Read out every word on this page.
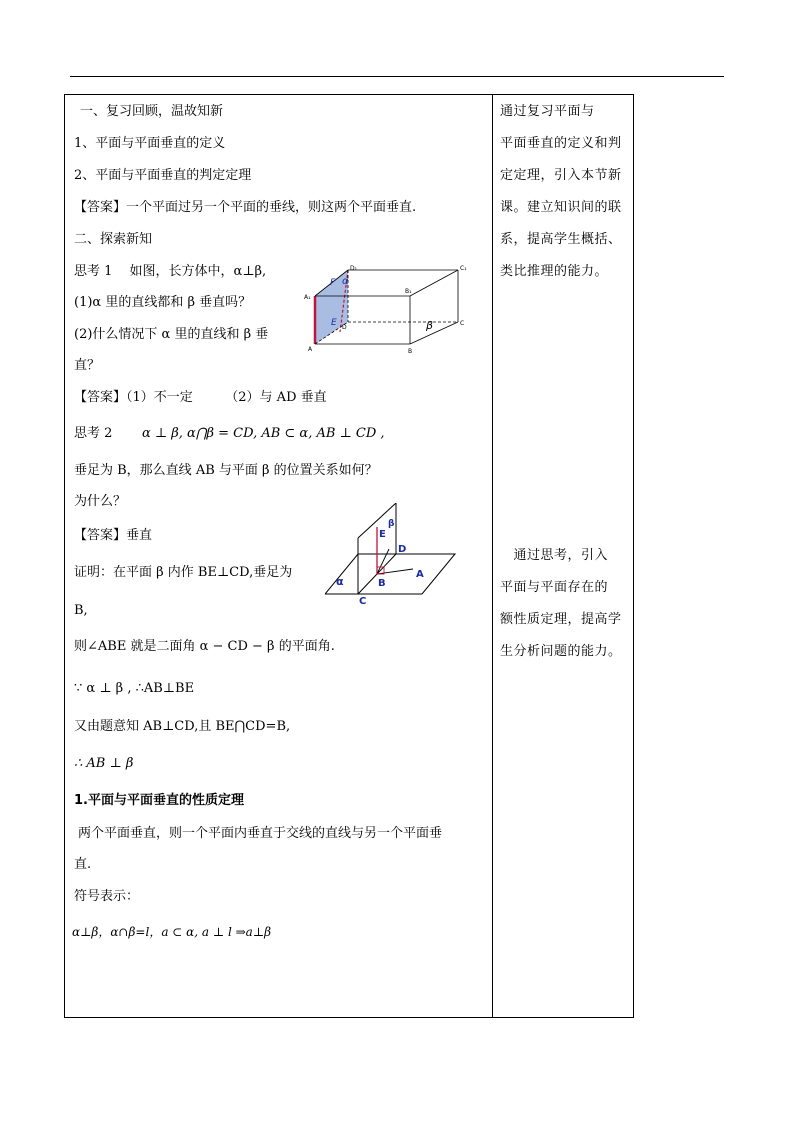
一、复习回顾，温故知新
1、平面与平面垂直的定义
2、平面与平面垂直的判定定理
【答案】一个平面过另一个平面的垂线，则这两个平面垂直.
二、探索新知
思考 1　 如图，长方体中，α⊥β,
(1)α 里的直线都和 β 垂直吗？
(2)什么情况下 α 里的直线和 β 垂
直？
【答案】（1）不一定　　　（2）与 AD 垂直
思考 2 α ⊥ β, α⋂β = CD, AB ⊂ α, AB ⊥ CD ,
垂足为 B，那么直线 AB 与平面 β 的位置关系如何？
为什么？
【答案】垂直
证明：在平面 β 内作 BE⊥CD,垂足为
B,
则∠ABE 就是二面角 α − CD − β 的平面角.
∵ α ⊥ β , ∴AB⊥BE
又由题意知 AB⊥CD,且 BE⋂CD=B,
∴ AB ⊥ β
1.平面与平面垂直的性质定理
两个平面垂直，则一个平面内垂直于交线的直线与另一个平面垂
直.
符号表示：
α⊥β，α∩β=l，a ⊂ α, a ⊥ l ⇒a⊥β
D₁	C₁
A₁
B₁
F α
E D
C
β
A	B
E
β
D
B
A
α
C
通过复习平面与
平面垂直的定义和判
定定理，引入本节新
课。建立知识间的联
系，提高学生概括、
类比推理的能力。
　通过思考，引入
平面与平面存在的
额性质定理，提高学
生分析问题的能力。
